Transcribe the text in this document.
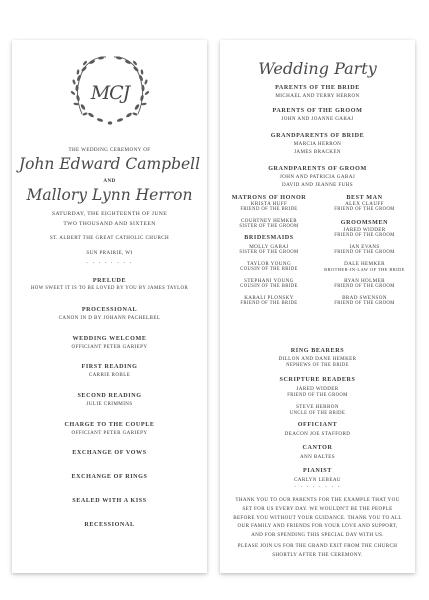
MCJ
THE WEDDING CEREMONY OF
John Edward Campbell
AND
Mallory Lynn Herron
SATURDAY, THE EIGHTEENTH OF JUNE
TWO THOUSAND AND SIXTEEN
ST. ALBERT THE GREAT CATHOLIC CHURCH
SUN PRAIRIE, WI
. . . . . . . .
PRELUDE
HOW SWEET IT IS TO BE LOVED BY YOU BY JAMES TAYLOR
PROCESSIONAL
CANON IN D BY JOHANN PACHELBEL
WEDDING WELCOME
OFFICIANT PETER GARIEPY
FIRST READING
CARRIE ROBLE
SECOND READING
JULIE CRIMMINS
CHARGE TO THE COUPLE
OFFICIANT PETER GARIEPY
EXCHANGE OF VOWS
EXCHANGE OF RINGS
SEALED WITH A KISS
RECESSIONAL
Wedding Party
PARENTS OF THE BRIDE
MICHAEL AND TERRY HERRON
PARENTS OF THE GROOM
JOHN AND JOANNE GABAJ
GRANDPARENTS OF BRIDE
MARCIA HERRON
JAMES BRACKEN
GRANDPARENTS OF GROOM
JOHN AND PATRICIA GABAJ
DAVID AND JEANNE FUHS
MATRONS OF HONOR
KRISTA HUFF
FRIEND OF THE BRIDE
COURTNEY HEMKER
SISTER OF THE GROOM
BRIDESMAIDS
MOLLY GABAJ
SISTER OF THE GROOM
TAYLOR YOUNG
COUSIN OF THE BRIDE
STEPHANI YOUNG
COUSIN OF THE BRIDE
KARALI PLONSKY
FRIEND OF THE BRIDE
BEST MAN
ALEX CLAUFF
FRIEND OF THE GROOM
GROOMSMEN
JARED WIDDER
FRIEND OF THE GROOM
IAN EVANS
FRIEND OF THE GROOM
DALE HEMKER
BROTHER-IN-LAW OF THE BRIDE
RYAN HOLMER
FRIEND OF THE GROOM
BRAD SWENSON
FRIEND OF THE GROOM
RING BEARERS
DILLON AND DANE HEMKER
NEPHEWS OF THE BRIDE
SCRIPTURE READERS
JARED WIDDER
FRIEND OF THE GROOM
STEVE HERRON
UNCLE OF THE BRIDE
OFFICIANT
DEACON JOE STAFFORD
CANTOR
ANN BALTES
PIANIST
CARLYN LEBEAU
. . . . . . . .
THANK YOU TO OUR PARENTS FOR THE EXAMPLE THAT YOU SET FOR US EVERY DAY. WE WOULDN'T BE THE PEOPLE BEFORE YOU WITHOUT YOUR GUIDANCE. THANK YOU TO ALL OUR FAMILY AND FRIENDS FOR YOUR LOVE AND SUPPORT, AND FOR SPENDING THIS SPECIAL DAY WITH US.
PLEASE JOIN US FOR THE GRAND EXIT FROM THE CHURCH SHORTLY AFTER THE CEREMONY.
